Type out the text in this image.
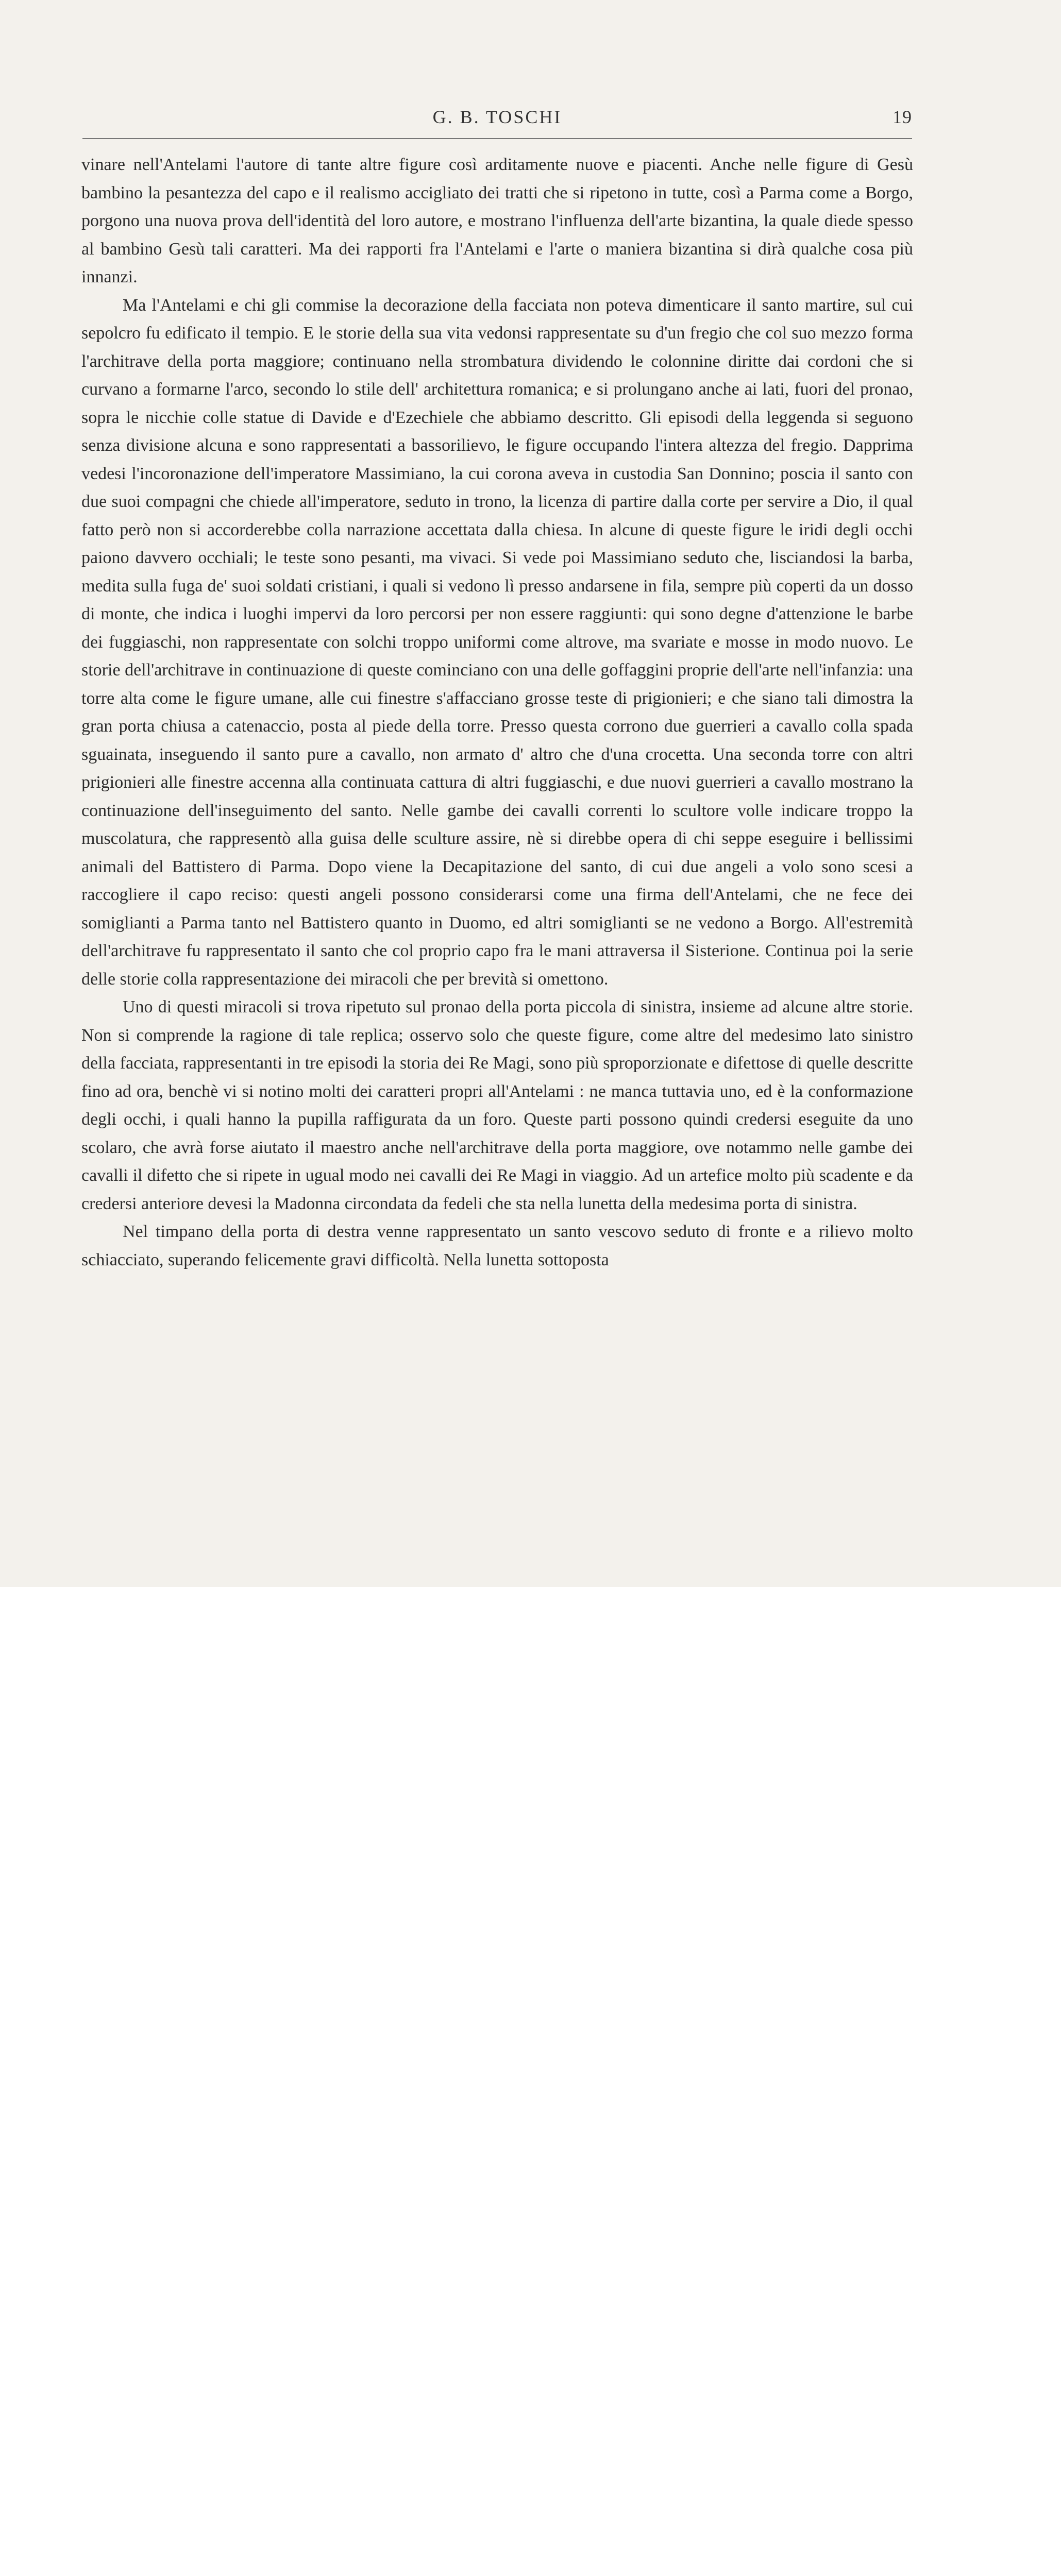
G. B. TOSCHI	19

vinare nell'Antelami l'autore di tante altre figure così arditamente nuove e piacenti. Anche nelle figure di Gesù bambino la pesantezza del capo e il realismo accigliato dei tratti che si ripetono in tutte, così a Parma come a Borgo, porgono una nuova prova dell'identità del loro autore, e mostrano l'influenza dell'arte bizantina, la quale diede spesso al bambino Gesù tali caratteri. Ma dei rapporti fra l'Antelami e l'arte o maniera bizantina si dirà qualche cosa più innanzi.

Ma l'Antelami e chi gli commise la decorazione della facciata non poteva dimenticare il santo martire, sul cui sepolcro fu edificato il tempio. E le storie della sua vita vedonsi rappresentate su d'un fregio che col suo mezzo forma l'architrave della porta maggiore; continuano nella strombatura dividendo le colonnine diritte dai cordoni che si curvano a formarne l'arco, secondo lo stile dell' architettura romanica; e si prolungano anche ai lati, fuori del pronao, sopra le nicchie colle statue di Davide e d'Ezechiele che abbiamo descritto. Gli episodi della leggenda si seguono senza divisione alcuna e sono rappresentati a bassorilievo, le figure occupando l'intera altezza del fregio. Dapprima vedesi l'incoronazione dell'imperatore Massimiano, la cui corona aveva in custodia San Donnino; poscia il santo con due suoi compagni che chiede all'imperatore, seduto in trono, la licenza di partire dalla corte per servire a Dio, il qual fatto però non si accorderebbe colla narrazione accettata dalla chiesa. In alcune di queste figure le iridi degli occhi paiono davvero occhiali; le teste sono pesanti, ma vivaci. Si vede poi Massimiano seduto che, lisciandosi la barba, medita sulla fuga de' suoi soldati cristiani, i quali si vedono lì presso andarsene in fila, sempre più coperti da un dosso di monte, che indica i luoghi impervi da loro percorsi per non essere raggiunti: qui sono degne d'attenzione le barbe dei fuggiaschi, non rappresentate con solchi troppo uniformi come altrove, ma svariate e mosse in modo nuovo. Le storie dell'architrave in continuazione di queste cominciano con una delle goffaggini proprie dell'arte nell'infanzia: una torre alta come le figure umane, alle cui finestre s'affacciano grosse teste di prigionieri; e che siano tali dimostra la gran porta chiusa a catenaccio, posta al piede della torre. Presso questa corrono due guerrieri a cavallo colla spada sguainata, inseguendo il santo pure a cavallo, non armato d' altro che d'una crocetta. Una seconda torre con altri prigionieri alle finestre accenna alla continuata cattura di altri fuggiaschi, e due nuovi guerrieri a cavallo mostrano la continuazione dell'inseguimento del santo. Nelle gambe dei cavalli correnti lo scultore volle indicare troppo la muscolatura, che rappresentò alla guisa delle sculture assire, nè si direbbe opera di chi seppe eseguire i bellissimi animali del Battistero di Parma. Dopo viene la Decapitazione del santo, di cui due angeli a volo sono scesi a raccogliere il capo reciso: questi angeli possono considerarsi come una firma dell'Antelami, che ne fece dei somiglianti a Parma tanto nel Battistero quanto in Duomo, ed altri somiglianti se ne vedono a Borgo. All'estremità dell'architrave fu rappresentato il santo che col proprio capo fra le mani attraversa il Sisterione. Continua poi la serie delle storie colla rappresentazione dei miracoli che per brevità si omettono.

Uno di questi miracoli si trova ripetuto sul pronao della porta piccola di sinistra, insieme ad alcune altre storie. Non si comprende la ragione di tale replica; osservo solo che queste figure, come altre del medesimo lato sinistro della facciata, rappresentanti in tre episodi la storia dei Re Magi, sono più sproporzionate e difettose di quelle descritte fino ad ora, benchè vi si notino molti dei caratteri propri all'Antelami : ne manca tuttavia uno, ed è la conformazione degli occhi, i quali hanno la pupilla raffigurata da un foro. Queste parti possono quindi credersi eseguite da uno scolaro, che avrà forse aiutato il maestro anche nell'architrave della porta maggiore, ove notammo nelle gambe dei cavalli il difetto che si ripete in ugual modo nei cavalli dei Re Magi in viaggio. Ad un artefice molto più scadente e da credersi anteriore devesi la Madonna circondata da fedeli che sta nella lunetta della medesima porta di sinistra.

Nel timpano della porta di destra venne rappresentato un santo vescovo seduto di fronte e a rilievo molto schiacciato, superando felicemente gravi difficoltà. Nella lunetta sottoposta
